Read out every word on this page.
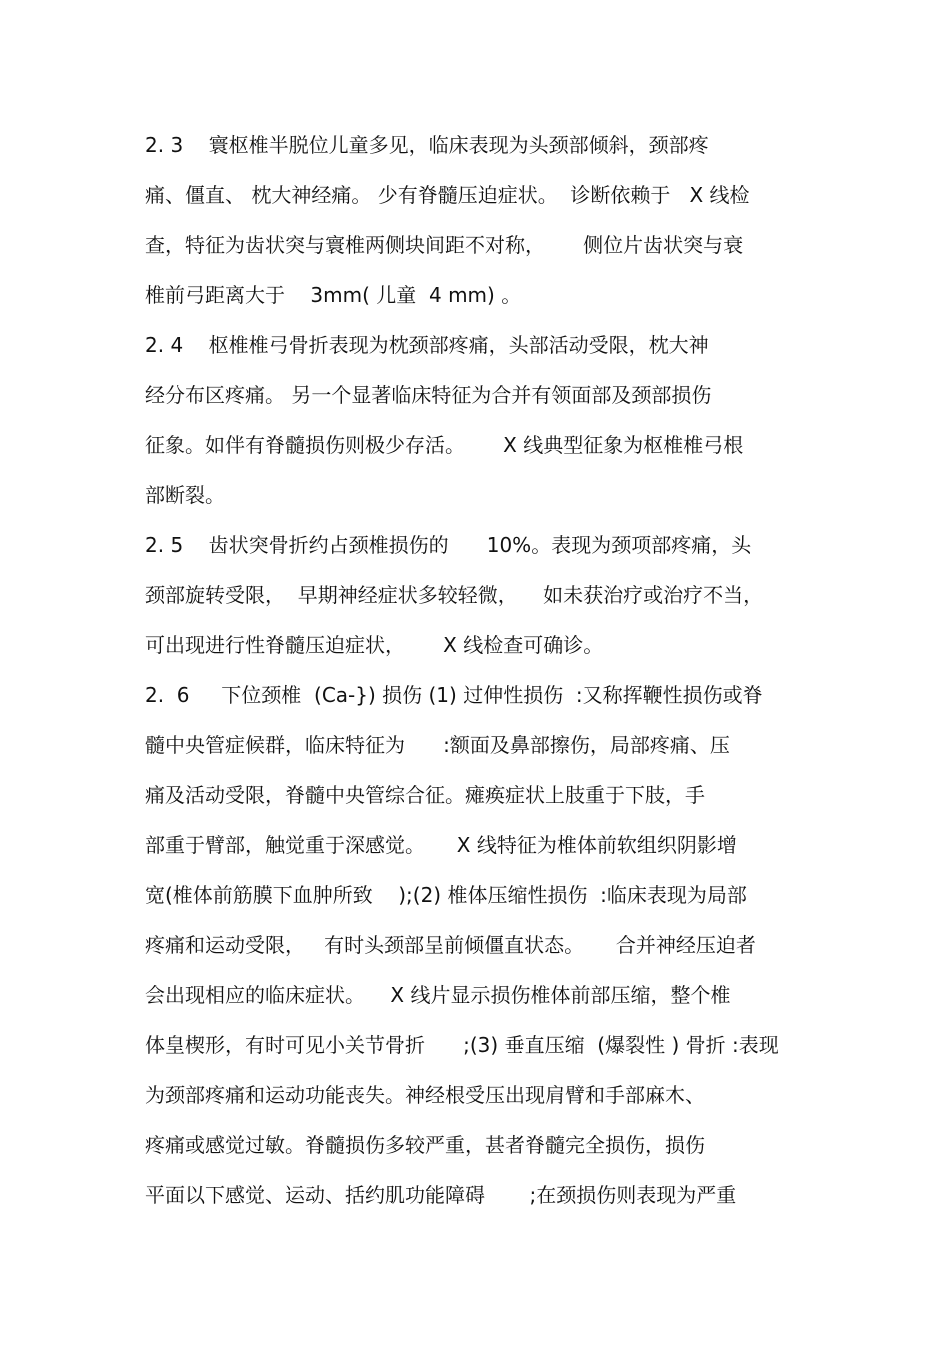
2. 3    寰枢椎半脱位儿童多见，临床表现为头颈部倾斜，颈部疼
痛、僵直、 枕大神经痛。 少有脊髓压迫症状。  诊断依赖于   X 线检
查，特征为齿状突与寰椎两侧块间距不对称，      侧位片齿状突与衰
椎前弓距离大于    3mm( 儿童  4 mm) 。
2. 4    枢椎椎弓骨折表现为枕颈部疼痛，头部活动受限，枕大神
经分布区疼痛。 另一个显著临床特征为合并有领面部及颈部损伤
征象。如伴有脊髓损伤则极少存活。      X 线典型征象为枢椎椎弓根
部断裂。
2. 5    齿状突骨折约占颈椎损伤的      10%。表现为颈项部疼痛，头
颈部旋转受限，  早期神经症状多较轻微，    如未获治疗或治疗不当，
可出现进行性脊髓压迫症状，      X 线检查可确诊。
2.  6     下位颈椎  (Ca-}) 损伤 (1) 过伸性损伤  :又称挥鞭性损伤或脊
髓中央管症候群，临床特征为      :额面及鼻部擦伤，局部疼痛、压
痛及活动受限，脊髓中央管综合征。瘫痪症状上肢重于下肢，手
部重于臂部，触觉重于深感觉。     X 线特征为椎体前软组织阴影增
宽(椎体前筋膜下血肿所致    );(2) 椎体压缩性损伤  :临床表现为局部
疼痛和运动受限，   有时头颈部呈前倾僵直状态。     合并神经压迫者
会出现相应的临床症状。    X 线片显示损伤椎体前部压缩，整个椎
体皇楔形，有时可见小关节骨折      ;(3) 垂直压缩  (爆裂性 ) 骨折 :表现
为颈部疼痛和运动功能丧失。神经根受压出现肩臂和手部麻木、
疼痛或感觉过敏。脊髓损伤多较严重，甚者脊髓完全损伤，损伤
平面以下感觉、运动、括约肌功能障碍       ;在颈损伤则表现为严重
